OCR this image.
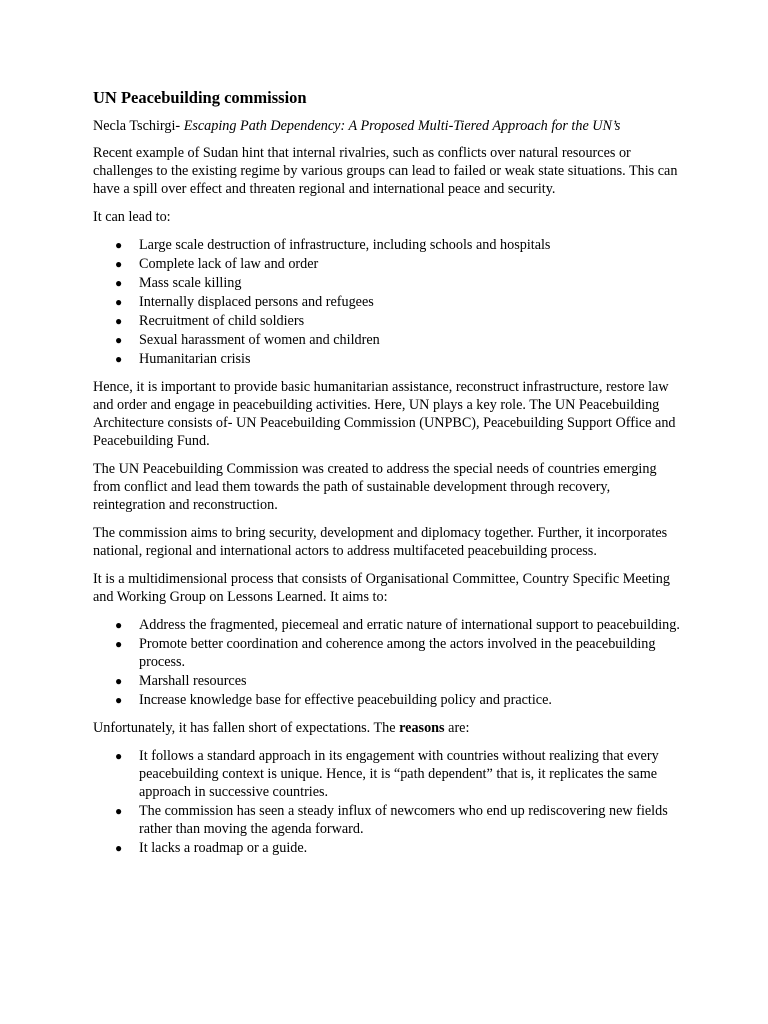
UN Peacebuilding commission
Necla Tschirgi- Escaping Path Dependency: A Proposed Multi-Tiered Approach for the UN’s

Recent example of Sudan hint that internal rivalries, such as conflicts over natural resources or challenges to the existing regime by various groups can lead to failed or weak state situations. This can have a spill over effect and threaten regional and international peace and security.

It can lead to:

● Large scale destruction of infrastructure, including schools and hospitals
● Complete lack of law and order
● Mass scale killing
● Internally displaced persons and refugees
● Recruitment of child soldiers
● Sexual harassment of women and children
● Humanitarian crisis

Hence, it is important to provide basic humanitarian assistance, reconstruct infrastructure, restore law and order and engage in peacebuilding activities. Here, UN plays a key role. The UN Peacebuilding Architecture consists of- UN Peacebuilding Commission (UNPBC), Peacebuilding Support Office and Peacebuilding Fund.

The UN Peacebuilding Commission was created to address the special needs of countries emerging from conflict and lead them towards the path of sustainable development through recovery, reintegration and reconstruction.

The commission aims to bring security, development and diplomacy together. Further, it incorporates national, regional and international actors to address multifaceted peacebuilding process.

It is a multidimensional process that consists of Organisational Committee, Country Specific Meeting and Working Group on Lessons Learned. It aims to:

● Address the fragmented, piecemeal and erratic nature of international support to peacebuilding.
● Promote better coordination and coherence among the actors involved in the peacebuilding process.
● Marshall resources
● Increase knowledge base for effective peacebuilding policy and practice.

Unfortunately, it has fallen short of expectations. The reasons are:

● It follows a standard approach in its engagement with countries without realizing that every peacebuilding context is unique. Hence, it is “path dependent” that is, it replicates the same approach in successive countries.
● The commission has seen a steady influx of newcomers who end up rediscovering new fields rather than moving the agenda forward.
● It lacks a roadmap or a guide.
